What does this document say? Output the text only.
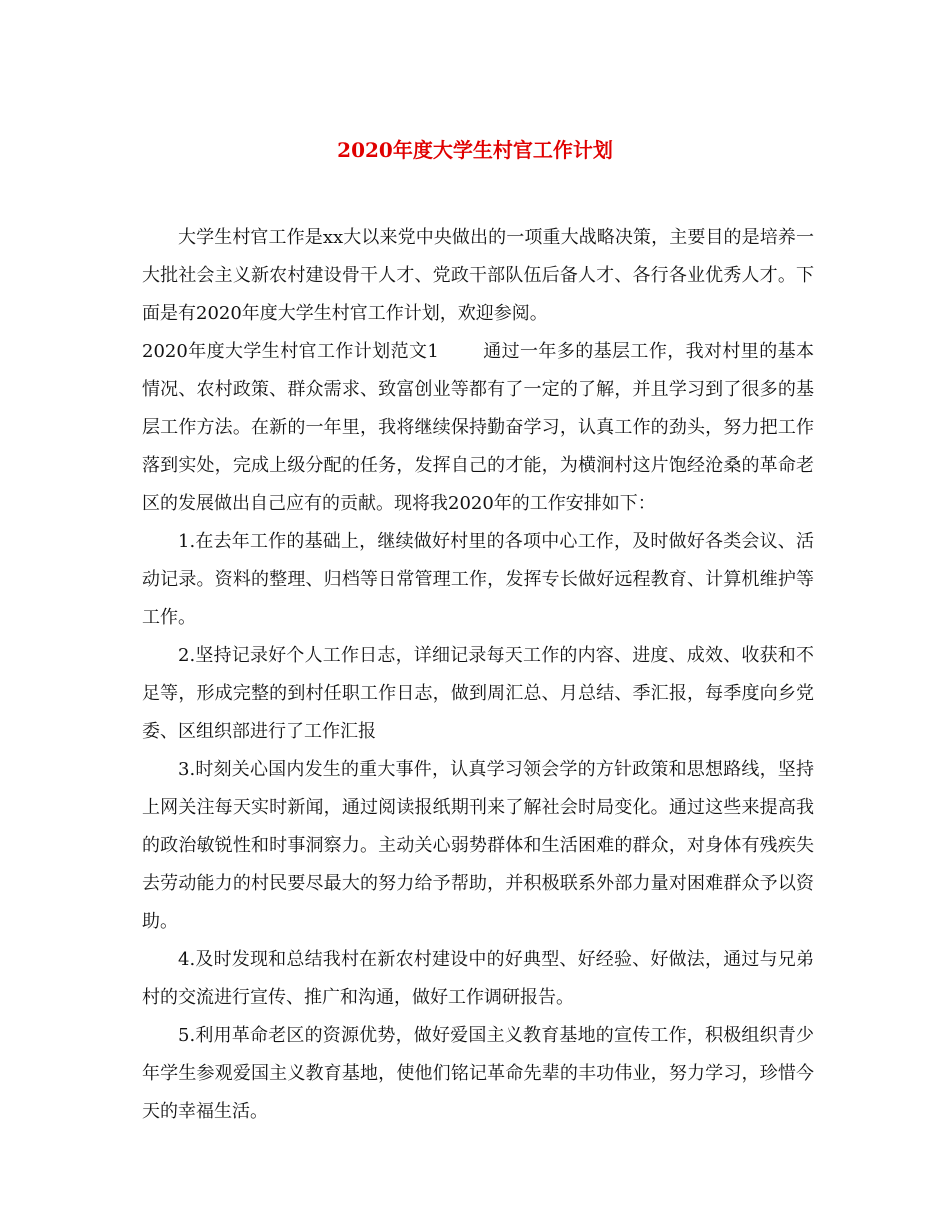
2020年度大学生村官工作计划

大学生村官工作是xx大以来党中央做出的一项重大战略决策，主要目的是培养一大批社会主义新农村建设骨干人才、党政干部队伍后备人才、各行各业优秀人才。下面是有2020年度大学生村官工作计划，欢迎参阅。

2020年度大学生村官工作计划范文1 通过一年多的基层工作，我对村里的基本情况、农村政策、群众需求、致富创业等都有了一定的了解，并且学习到了很多的基层工作方法。在新的一年里，我将继续保持勤奋学习，认真工作的劲头，努力把工作落到实处，完成上级分配的任务，发挥自己的才能，为横涧村这片饱经沧桑的革命老区的发展做出自己应有的贡献。现将我2020年的工作安排如下：

1.在去年工作的基础上，继续做好村里的各项中心工作，及时做好各类会议、活动记录。资料的整理、归档等日常管理工作，发挥专长做好远程教育、计算机维护等工作。

2.坚持记录好个人工作日志，详细记录每天工作的内容、进度、成效、收获和不足等，形成完整的到村任职工作日志，做到周汇总、月总结、季汇报，每季度向乡党委、区组织部进行了工作汇报

3.时刻关心国内发生的重大事件，认真学习领会学的方针政策和思想路线，坚持上网关注每天实时新闻，通过阅读报纸期刊来了解社会时局变化。通过这些来提高我的政治敏锐性和时事洞察力。主动关心弱势群体和生活困难的群众，对身体有残疾失去劳动能力的村民要尽最大的努力给予帮助，并积极联系外部力量对困难群众予以资助。

4.及时发现和总结我村在新农村建设中的好典型、好经验、好做法，通过与兄弟村的交流进行宣传、推广和沟通，做好工作调研报告。

5.利用革命老区的资源优势，做好爱国主义教育基地的宣传工作，积极组织青少年学生参观爱国主义教育基地，使他们铭记革命先辈的丰功伟业，努力学习，珍惜今天的幸福生活。
